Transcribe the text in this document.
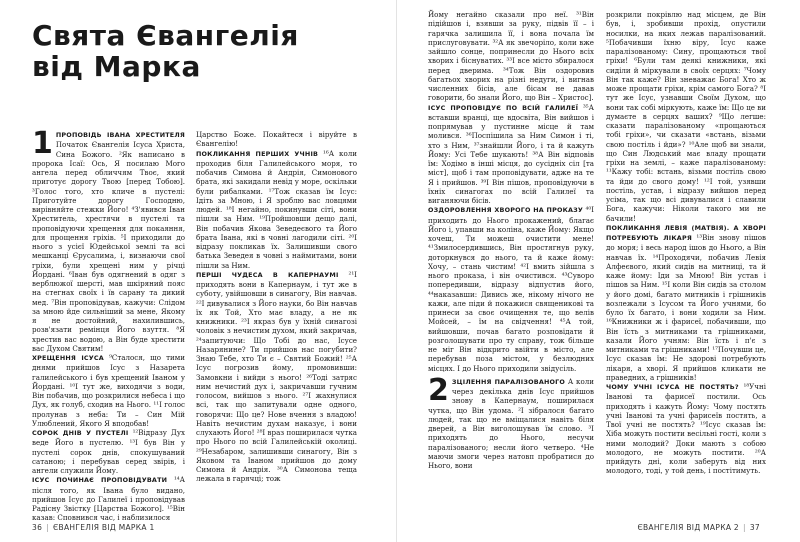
Свята Євангелія
від Марка
1 ПРОПОВІДЬ ІВАНА ХРЕСТИТЕЛЯ Початок Євангелія Ісуса Христа, Сина Божого. ²Як написано в пророка Ісаї: Ось, Я посилаю Мого ангела перед обличчям Твоє, який приготує дорогу Твою [перед Тобою]. ³Голос того, хто кличе в пустелі: Приготуйте дорогу Господню, вирівняйте стежки Його! ⁴З'явився Іван Хреститель, хрестячи в пустелі та проповідуючи хрещення для покаяння, для прощення гріхів. ⁵І приходили до нього з усієї Юдейської землі та всі мешканці Єрусалима, і, визнаючи свої гріхи, були хрещені ним у річці Йордані. ⁶Іван був одягнений в одяг з верблюжої шерсті, мав шкіряний пояс на стегнах своїх і їв сарану та дикий мед. ⁷Він проповідував, кажучи: Слідом за мною йде сильніший за мене, Якому я не достойний, нахилившись, розв'язати ремінця Його взуття. ⁸Я хрестив вас водою, а Він буде хрестити вас Духом Святим!

ХРЕЩЕННЯ ІСУСА ⁹Сталося, що тими днями прийшов Ісус з Назарета галилейського і був хрещений Іваном у Йордані. ¹⁰І тут же, виходячи з води, Він побачив, що розкрилися небеса і що Дух, як голуб, сходив на Нього. ¹¹І голос пролунав з неба: Ти – Син Мій Улюблений, Якого Я вподобав!

СОРОК ДНІВ У ПУСТЕЛІ ¹²Відразу Дух веде Його в пустелю. ¹³І був Він у пустелі сорок днів, спокушуваний сатаною; і перебував серед звірів, і ангели служили Йому.

ІСУС ПОЧИНАЄ ПРОПОВІДУВАТИ ¹⁴А після того, як Івана було видано, прийшов Ісус до Галилеї і проповідував Радісну Звістку [Царства Божого]. ¹⁵Він казав: Сповнився час, і наблизилося

Царство Боже. Покайтеся і віруйте в Євангелію!

ПОКЛИКАННЯ ПЕРШИХ УЧНІВ ¹⁶А коли проходив біля Галилейського моря, то побачив Симона й Андрія, Симонового брата, які закидали невід у море, оскільки були рибалками. ¹⁷Тож сказав їм Ісус: Ідіть за Мною, і Я зроблю вас ловцями людей. ¹⁸І негайно, покинувши сіті, вони пішли за Ним. ¹⁹Пройшовши дещо далі, Він побачив Якова Зеведеєвого та Його брата Івана, які в човні лагодили сіті. ²⁰І відразу покликав їх. Залишивши свого батька Зеведея в човні з наймитами, вони пішли за Ним.

ПЕРШІ ЧУДЕСА В КАПЕРНАУМІ ²¹І приходять вони в Капернаум, і тут же в суботу, увійшовши в синагогу, Він навчав. ²²І дивувалися з Його науки, бо Він навчав їх як Той, Хто має владу, а не як книжники. ²³І якраз був у їхній синагозі чоловік з нечистим духом, який закричав, ²⁴запитуючи: Що Тобі до нас, Ісусе Назарянине? Ти прийшов нас погубити? Знаю Тебе, хто Ти є – Святий Божий! ²⁵А Ісус погрозив йому, промовивши: Замовкни і вийди з нього! ²⁶Тоді затряс ним нечистий дух і, закричавши гучним голосом, вийшов з нього. ²⁷І жахнулися всі, так що запитували одне одного, говорячи: Що це? Нове вчення з владою! Навіть нечистим духам наказує, і вони слухають Його! ²⁸І враз поширилася чутка про Нього по всій Галилейській околиці. ²⁹Незабаром, залишивши синагогу, Він з Яковом та Іваном прийшов до дому Симона й Андрія. ³⁰А Симонова теща лежала в гарячці; тож

36 | ЄВАНГЕЛІЯ ВІД МАРКА 1

Йому негайно сказали про неї. ³¹Він підійшов і, взявши за руку, підвів її – і гарячка залишила її, і вона почала їм прислуговувати. ³²А як звечоріло, коли вже зайшло сонце, попринесли до Нього всіх хворих і біснуватих. ³³І все місто збиралося перед дверима. ³⁴Тож Він оздоровив багатьох хворих на різні недуги, і вигнав численних бісів, але бісам не давав говорити, бо знали Його, що Він – Христос].

ІСУС ПРОПОВІДУЄ ПО ВСІЙ ГАЛИЛЕЇ ³⁵А вставши вранці, ще вдосвіта, Він вийшов і попрямував у пустинне місце й там молився. ³⁶Поспішила за Ним Симон і ті, хто з Ним, ³⁷знайшли Його, і та й кажуть Йому: Усі Тебе шукають! ³⁸А Він відповів їм: Ходімо в інші місця, до сусідніх сіл [та міст], щоб і там проповідувати, адже на те Я і прийшов. ³⁹І Він пішов, проповідуючи в їхніх синагогах по всій Галилеї та виганяючи бісів.

ОЗДОРОВЛЕННЯ ХВОРОГО НА ПРОКАЗУ ⁴⁰І приходить до Нього прокажений, благає Його і, упавши на коліна, каже Йому: Якщо хочеш, Ти можеш очистити мене! ⁴¹Змилосердившись, Він простягнув руку, доторкнувся до нього, та й каже йому: Хочу, – стань чистим! ⁴²І вмить зійшла з нього проказа, і він очистився. ⁴³Суворо попередивши, відразу відпустив його, ⁴⁴наказавши: Дивись же, нікому нічого не кажи, але піди й покажися священикові та принеси за своє очищення те, що велів Мойсей, – їм на свідчення! ⁴⁵А той, вийшовши, почав багато розповідати й розголошувати про ту справу, тож більше не міг Він відкрито ввійти в місто, але перебував поза містом, у безлюдних місцях. І до Нього приходили звідусіль.

2 ЗЦІЛЕННЯ ПАРАЛІЗОВАНОГО А коли через декілька днів Ісус прийшов знову в Капернаум, поширилася чутка, що Він удома. ²І зібралося багато людей, так що не вміщалися навіть біля дверей, а Він виголошував їм слово. ³І приходять до Нього, несучи паралізованого; несли його четверо. ⁴Не маючи змоги через натовп пробратися до Нього, вони

розкрили покрівлю над місцем, де Він був, і, зробивши прохід, опустили носилки, на яких лежав паралізований. ⁵Побачивши їхню віру, Ісус каже паралізованому: Сину, прощаються твої гріхи! ⁶Були там деякі книжники, які сиділи й міркували в своїх серцях: ⁷Чому Він так каже? Він зневажає Бога! Хто ж може прощати гріхи, крім самого Бога? ⁸І тут же Ісус, узнавши Своїм Духом, що вони так собі міркують, каже їм: Що це ви думаєте в серцях ваших? ⁹Що легше: сказати паралізованому «прощаються тобі гріхи», чи сказати «встань, візьми свою постіль і йди»? ¹⁰Але щоб ви знали, що Син Людський має владу прощати гріхи на землі, – каже паралізованому: ¹¹Кажу тобі: встань, візьми постіль свою та йди до свого дому! ¹²І той, узявши постіль, устав, і відразу вийшов перед усіма, так що всі дивувалися і славили Бога, кажучи: Ніколи такого ми не бачили!

ПОКЛИКАННЯ ЛЕВІЯ (МАТВІЯ). А ХВОРІ ПОТРЕБУЮТЬ ЛІКАРЯ ¹³Він знову пішов до моря; і весь народ ішов до Нього, а Він навчав їх. ¹⁴Проходячи, побачив Левія Алфеєвого, який сидів на митниці, та й каже йому: Іди за Мною! Він устав і пішов за Ним. ¹⁵І коли Він сидів за столом у його домі, багато митників і грішників возлежали з Ісусом та Його учнями, бо було їх багато, і вони ходили за Ним. ¹⁶Книжники ж і фарисеї, побачивши, що Він їсть з митниками та грішниками, казали Його учням: Він їсть і п'є з митниками та грішниками! ¹⁷Почувши це, Ісус сказав їм: Не здорові потребують лікаря, а хворі. Я прийшов кликати не праведних, а грішників!

ЧОМУ УЧНІ ІСУСА НЕ ПОСТЯТЬ? ¹⁸Учні Іванові та фарисеї постили. Ось приходять і кажуть Йому: Чому постять учні Іванові та учні фарисеїв постять, а Твої учні не постять? ¹⁹Ісус сказав їм: Хіба можуть постити весільні гості, коли з ними молодий? Доки мають з собою молодого, не можуть постити. ²⁰А прийдуть дні, коли заберуть від них молодого, тоді, у той день, і постітимуть.

ЄВАНГЕЛІЯ ВІД МАРКА 2 | 37
